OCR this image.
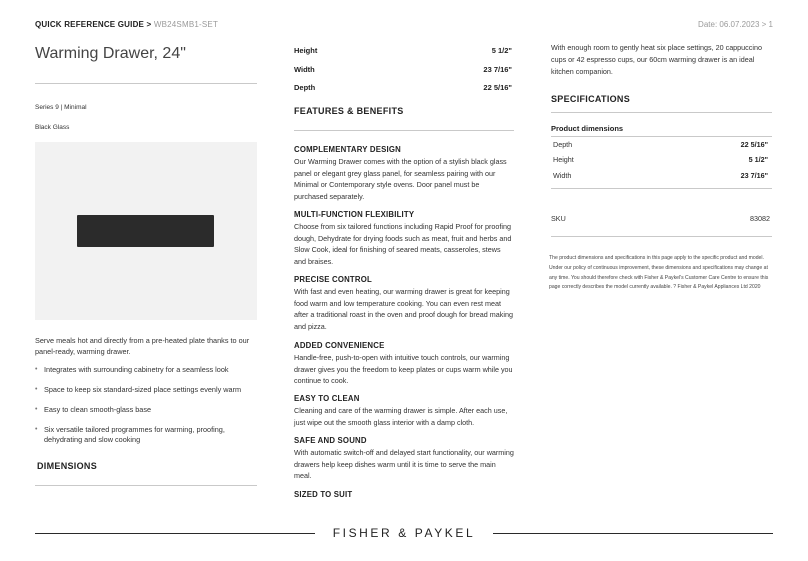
QUICK REFERENCE GUIDE > WB24SMB1-SET	Date: 06.07.2023 > 1
Warming Drawer, 24"
Series 9 | Minimal
Black Glass
Serve meals hot and directly from a pre-heated plate thanks to our panel-ready, warming drawer.
• Integrates with surrounding cabinetry for a seamless look
• Space to keep six standard-sized place settings evenly warm
• Easy to clean smooth-glass base
• Six versatile tailored programmes for warming, proofing, dehydrating and slow cooking
DIMENSIONS
Height	5 1/2"
Width	23 7/16"
Depth	22 5/16"
FEATURES & BENEFITS
COMPLEMENTARY DESIGN

Our Warming Drawer comes with the option of a stylish black glass panel or elegant grey glass panel, for seamless pairing with our Minimal or Contemporary style ovens. Door panel must be purchased separately.

MULTI-FUNCTION FLEXIBILITY

Choose from six tailored functions including Rapid Proof for proofing dough, Dehydrate for drying foods such as meat, fruit and herbs and Slow Cook, ideal for finishing of seared meats, casseroles, stews and braises.

PRECISE CONTROL

With fast and even heating, our warming drawer is great for keeping food warm and low temperature cooking. You can even rest meat after a traditional roast in the oven and proof dough for bread making and pizza.

ADDED CONVENIENCE

Handle-free, push-to-open with intuitive touch controls, our warming drawer gives you the freedom to keep plates or cups warm while you continue to cook.

EASY TO CLEAN

Cleaning and care of the warming drawer is simple. After each use, just wipe out the smooth glass interior with a damp cloth.

SAFE AND SOUND

With automatic switch-off and delayed start functionality, our warming drawers help keep dishes warm until it is time to serve the main meal.

SIZED TO SUIT
With enough room to gently heat six place settings, 20 cappuccino cups or 42 espresso cups, our 60cm warming drawer is an ideal kitchen companion.
SPECIFICATIONS
Product dimensions
Depth	22 5/16"
Height	5 1/2"
Width	23 7/16"
SKU	83082
The product dimensions and specifications in this page apply to the specific product and model. Under our policy of continuous improvement, these dimensions and specifications may change at any time. You should therefore check with Fisher & Paykel's Customer Care Centre to ensure this page correctly describes the model currently available. ? Fisher & Paykel Appliances Ltd 2020
FISHER & PAYKEL
